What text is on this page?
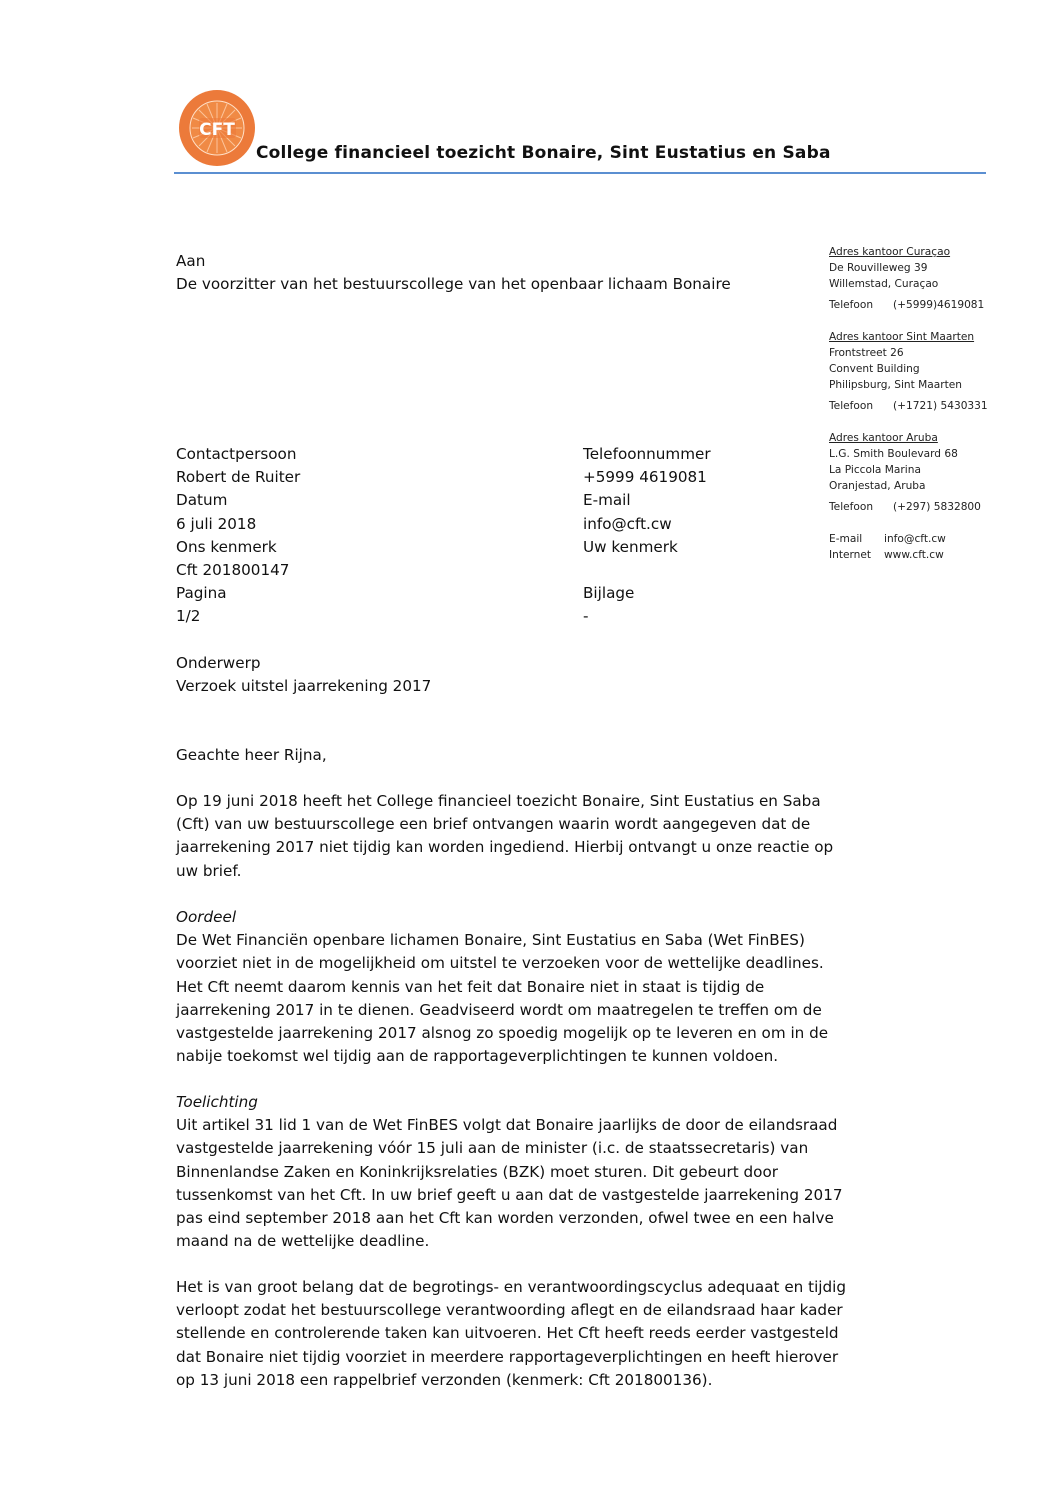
CFT
College financieel toezicht Bonaire, Sint Eustatius en Saba
Aan
De voorzitter van het bestuurscollege van het openbaar lichaam Bonaire
Contactpersoon
Robert de Ruiter
Datum
6 juli 2018
Ons kenmerk
Cft 201800147
Pagina
1/2
Telefoonnummer
+5999 4619081
E-mail
info@cft.cw
Uw kenmerk

Bijlage
-
Onderwerp
Verzoek uitstel jaarrekening 2017
Geachte heer Rijna,
Op 19 juni 2018 heeft het College financieel toezicht Bonaire, Sint Eustatius en Saba
(Cft) van uw bestuurscollege een brief ontvangen waarin wordt aangegeven dat de
jaarrekening 2017 niet tijdig kan worden ingediend. Hierbij ontvangt u onze reactie op
uw brief.
Oordeel
De Wet Financiën openbare lichamen Bonaire, Sint Eustatius en Saba (Wet FinBES)
voorziet niet in de mogelijkheid om uitstel te verzoeken voor de wettelijke deadlines.
Het Cft neemt daarom kennis van het feit dat Bonaire niet in staat is tijdig de
jaarrekening 2017 in te dienen. Geadviseerd wordt om maatregelen te treffen om de
vastgestelde jaarrekening 2017 alsnog zo spoedig mogelijk op te leveren en om in de
nabije toekomst wel tijdig aan de rapportageverplichtingen te kunnen voldoen.
Toelichting
Uit artikel 31 lid 1 van de Wet FinBES volgt dat Bonaire jaarlijks de door de eilandsraad
vastgestelde jaarrekening vóór 15 juli aan de minister (i.c. de staatssecretaris) van
Binnenlandse Zaken en Koninkrijksrelaties (BZK) moet sturen. Dit gebeurt door
tussenkomst van het Cft. In uw brief geeft u aan dat de vastgestelde jaarrekening 2017
pas eind september 2018 aan het Cft kan worden verzonden, ofwel twee en een halve
maand na de wettelijke deadline.
Het is van groot belang dat de begrotings- en verantwoordingscyclus adequaat en tijdig
verloopt zodat het bestuurscollege verantwoording aflegt en de eilandsraad haar kader
stellende en controlerende taken kan uitvoeren. Het Cft heeft reeds eerder vastgesteld
dat Bonaire niet tijdig voorziet in meerdere rapportageverplichtingen en heeft hierover
op 13 juni 2018 een rappelbrief verzonden (kenmerk: Cft 201800136).
Adres kantoor Curaçao
De Rouvilleweg 39
Willemstad, Curaçao
Telefoon (+5999)4619081
Adres kantoor Sint Maarten
Frontstreet 26
Convent Building
Philipsburg, Sint Maarten
Telefoon (+1721) 5430331
Adres kantoor Aruba
L.G. Smith Boulevard 68
La Piccola Marina
Oranjestad, Aruba
Telefoon (+297) 5832800
E-mail info@cft.cw
Internet www.cft.cw
